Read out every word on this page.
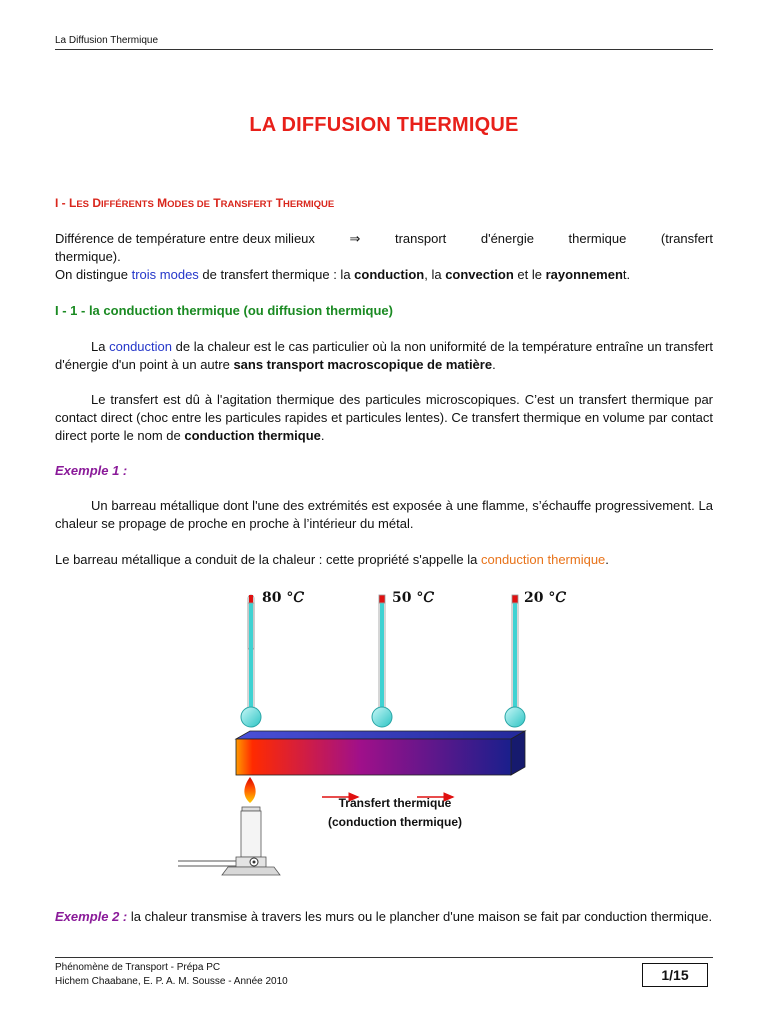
La Diffusion Thermique
LA DIFFUSION THERMIQUE
I - LES DIFFÉRENTS MODES DE TRANSFERT THERMIQUE
Différence de température entre deux milieux	⇒	transport	d'énergie	thermique	(transfert
thermique).
On distingue trois modes de transfert thermique : la conduction, la convection et le rayonnement.
I - 1 - la conduction thermique (ou diffusion thermique)
La conduction de la chaleur est le cas particulier où la non uniformité de la température entraîne un transfert d'énergie d'un point à un autre sans transport macroscopique de matière.
Le transfert est dû à l'agitation thermique des particules microscopiques. C’est un transfert thermique par contact direct (choc entre les particules rapides et particules lentes). Ce transfert thermique en volume par contact direct porte le nom de conduction thermique.
Exemple 1 :
Un barreau métallique dont l'une des extrémités est exposée à une flamme, s’échauffe progressivement. La chaleur se propage de proche en proche à l’intérieur du métal.
Le barreau métallique a conduit de la chaleur : cette propriété s'appelle la conduction thermique.
80 °𝐶	50 °𝐶	20 °𝐶
Transfert thermique
(conduction thermique)
Exemple 2 : la chaleur transmise à travers les murs ou le plancher d'une maison se fait par conduction thermique.
Phénomène de Transport - Prépa PC
Hichem Chaabane, E. P. A. M. Sousse - Année 2010	1/15
